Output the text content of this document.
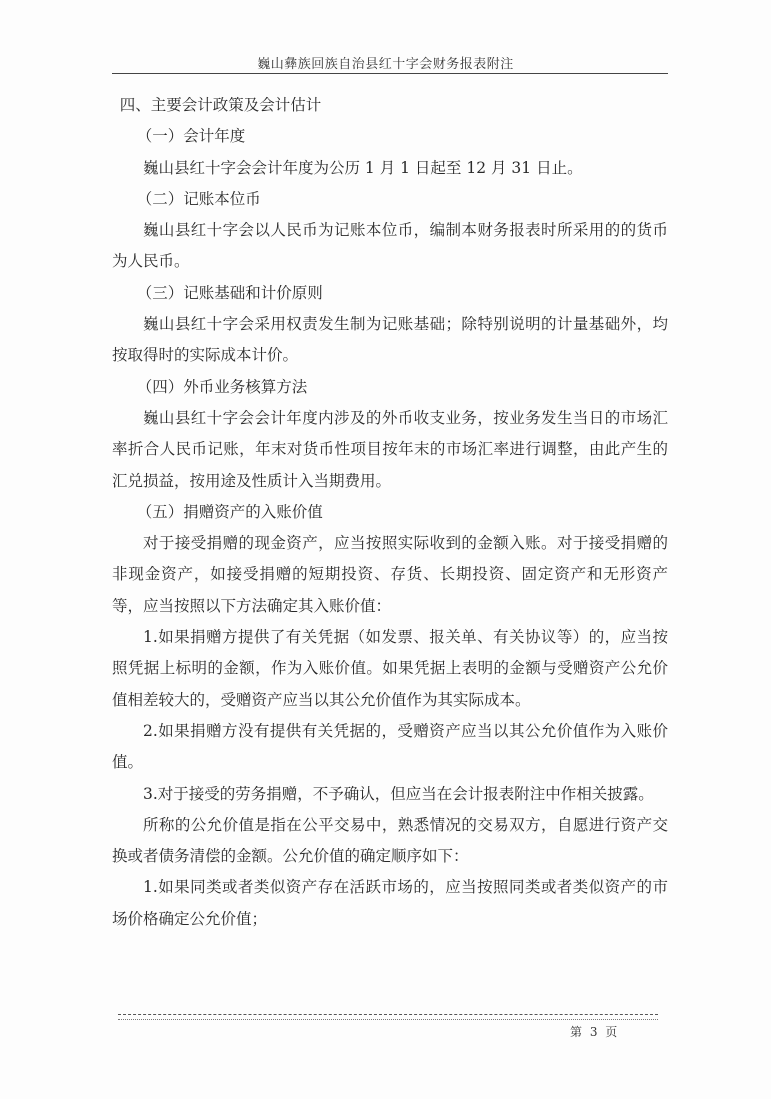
巍山彝族回族自治县红十字会财务报表附注

四、主要会计政策及会计估计

（一）会计年度

巍山县红十字会会计年度为公历 1 月 1 日起至 12 月 31 日止。

（二）记账本位币

巍山县红十字会以人民币为记账本位币，编制本财务报表时所采用的的货币为人民币。

（三）记账基础和计价原则

巍山县红十字会采用权责发生制为记账基础；除特别说明的计量基础外，均按取得时的实际成本计价。

（四）外币业务核算方法

巍山县红十字会会计年度内涉及的外币收支业务，按业务发生当日的市场汇率折合人民币记账，年末对货币性项目按年末的市场汇率进行调整，由此产生的汇兑损益，按用途及性质计入当期费用。

（五）捐赠资产的入账价值

对于接受捐赠的现金资产，应当按照实际收到的金额入账。对于接受捐赠的非现金资产，如接受捐赠的短期投资、存货、长期投资、固定资产和无形资产等，应当按照以下方法确定其入账价值：

1.如果捐赠方提供了有关凭据（如发票、报关单、有关协议等）的，应当按照凭据上标明的金额，作为入账价值。如果凭据上表明的金额与受赠资产公允价值相差较大的，受赠资产应当以其公允价值作为其实际成本。

2.如果捐赠方没有提供有关凭据的，受赠资产应当以其公允价值作为入账价值。

3.对于接受的劳务捐赠，不予确认，但应当在会计报表附注中作相关披露。

所称的公允价值是指在公平交易中，熟悉情况的交易双方，自愿进行资产交换或者债务清偿的金额。公允价值的确定顺序如下：

1.如果同类或者类似资产存在活跃市场的，应当按照同类或者类似资产的市场价格确定公允价值；

第 3 页
